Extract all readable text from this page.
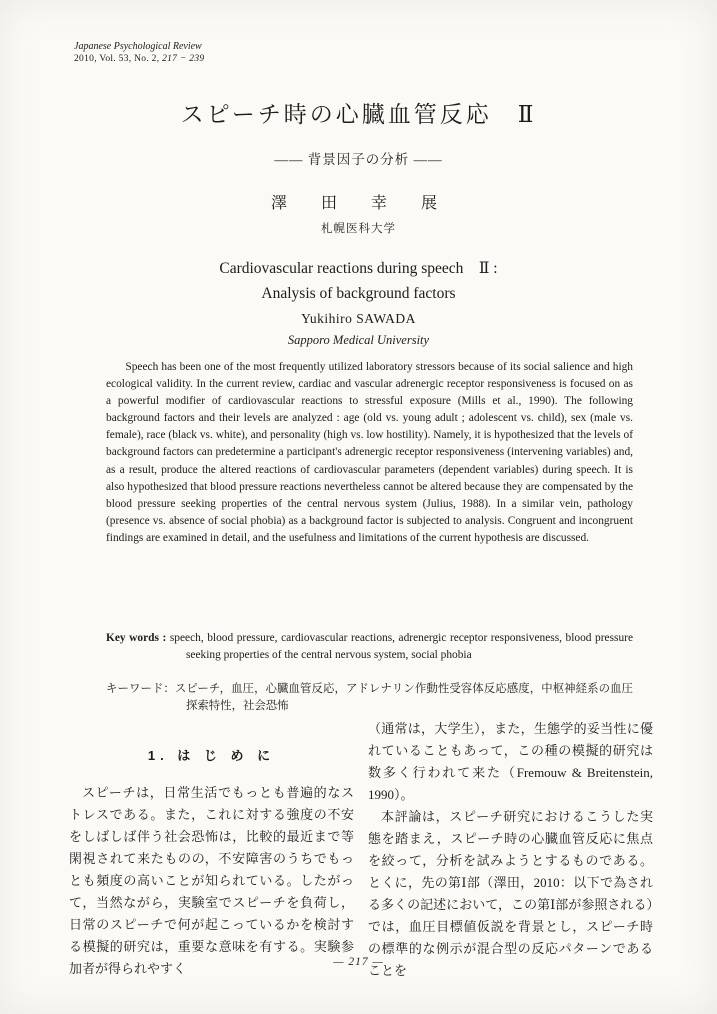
Japanese Psychological Review
2010, Vol. 53, No. 2, 217 − 239
スピーチ時の心臓血管反応　Ⅱ
―― 背景因子の分析 ――
澤　田　幸　展
札幌医科大学
Cardiovascular reactions during speech　Ⅱ :
Analysis of background factors
Yukihiro SAWADA
Sapporo Medical University

Speech has been one of the most frequently utilized laboratory stressors because of its social salience and high ecological validity. In the current review, cardiac and vascular adrenergic receptor responsiveness is focused on as a powerful modifier of cardiovascular reactions to stressful exposure (Mills et al., 1990). The following background factors and their levels are analyzed : age (old vs. young adult ; adolescent vs. child), sex (male vs. female), race (black vs. white), and personality (high vs. low hostility). Namely, it is hypothesized that the levels of background factors can predetermine a participant's adrenergic receptor responsiveness (intervening variables) and, as a result, produce the altered reactions of cardiovascular parameters (dependent variables) during speech. It is also hypothesized that blood pressure reactions nevertheless cannot be altered because they are compensated by the blood pressure seeking properties of the central nervous system (Julius, 1988). In a similar vein, pathology (presence vs. absence of social phobia) as a background factor is subjected to analysis. Congruent and incongruent findings are examined in detail, and the usefulness and limitations of the current hypothesis are discussed.

Key words : speech, blood pressure, cardiovascular reactions, adrenergic receptor responsiveness, blood pressure seeking properties of the central nervous system, social phobia

キーワード：スピーチ，血圧，心臓血管反応，アドレナリン作動性受容体反応感度，中枢神経系の血圧探索特性，社会恐怖

1. は じ め に

スピーチは，日常生活でもっとも普遍的なストレスである。また，これに対する強度の不安をしばしば伴う社会恐怖は，比較的最近まで等閑視されて来たものの，不安障害のうちでもっとも頻度の高いことが知られている。したがって，当然ながら，実験室でスピーチを負荷し，日常のスピーチで何が起こっているかを検討する模擬的研究は，重要な意味を有する。実験参加者が得られやすく

（通常は，大学生），また，生態学的妥当性に優れていることもあって，この種の模擬的研究は数多く行われて来た（Fremouw & Breitenstein, 1990）。

本評論は，スピーチ研究におけるこうした実態を踏まえ，スピーチ時の心臓血管反応に焦点を絞って，分析を試みようとするものである。とくに，先の第Ⅰ部（澤田，2010：以下で為される多くの記述において，この第Ⅰ部が参照される）では，血圧目標値仮説を背景とし，スピーチ時の標準的な例示が混合型の反応パターンであることを

— 217 —
